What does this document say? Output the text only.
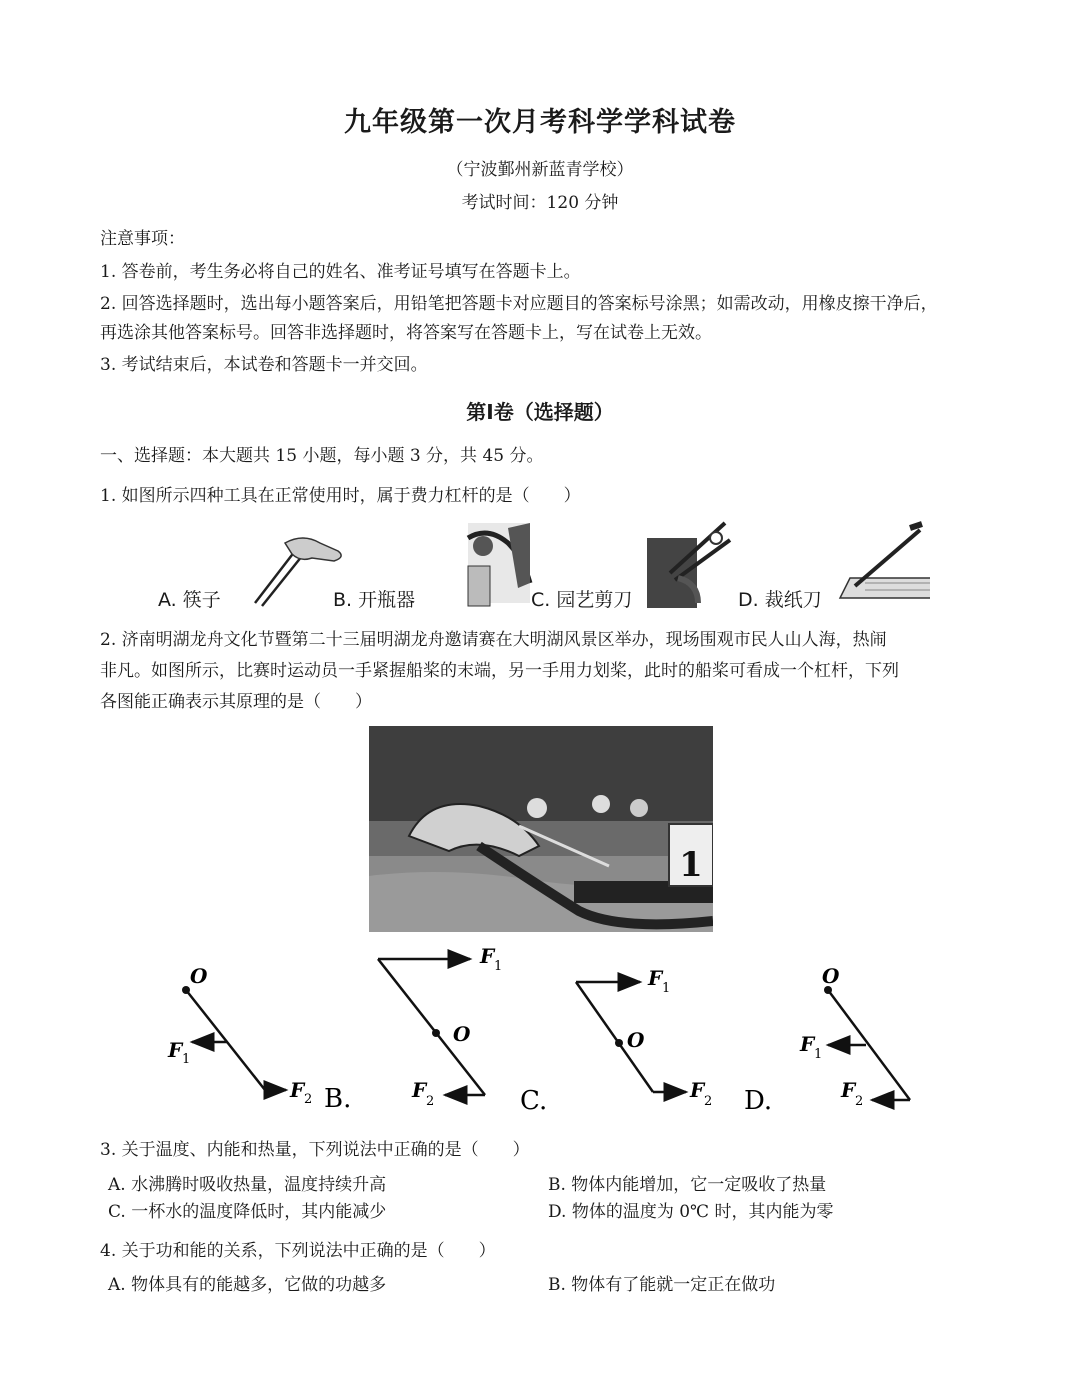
九年级第一次月考科学学科试卷
（宁波鄞州新蓝青学校）
考试时间：120 分钟
注意事项：
1. 答卷前，考生务必将自己的姓名、准考证号填写在答题卡上。
2. 回答选择题时，选出每小题答案后，用铅笔把答题卡对应题目的答案标号涂黑；如需改动，用橡皮擦干净后，
再选涂其他答案标号。回答非选择题时，将答案写在答题卡上，写在试卷上无效。
3. 考试结束后，本试卷和答题卡一并交回。
第Ⅰ卷（选择题）
一、选择题：本大题共 15 小题，每小题 3 分，共 45 分。
1. 如图所示四种工具在正常使用时，属于费力杠杆的是（　　）
A. 筷子	B. 开瓶器	C. 园艺剪刀	D. 裁纸刀
2. 济南明湖龙舟文化节暨第二十三届明湖龙舟邀请赛在大明湖风景区举办，现场围观市民人山人海，热闹
非凡。如图所示，比赛时运动员一手紧握船桨的末端，另一手用力划桨，此时的船桨可看成一个杠杆，下列
各图能正确表示其原理的是（　　）
1
O
F 1
F 2 B.
O
F 1
F 2	C.
O
F 1
F 2 D.
O
F 1
F 2
3. 关于温度、内能和热量，下列说法中正确的是（　　）
A. 水沸腾时吸收热量，温度持续升高	B. 物体内能增加，它一定吸收了热量
C. 一杯水的温度降低时，其内能减少	D. 物体的温度为 0℃ 时，其内能为零
4. 关于功和能的关系，下列说法中正确的是（　　）
A. 物体具有的能越多，它做的功越多	B. 物体有了能就一定正在做功
